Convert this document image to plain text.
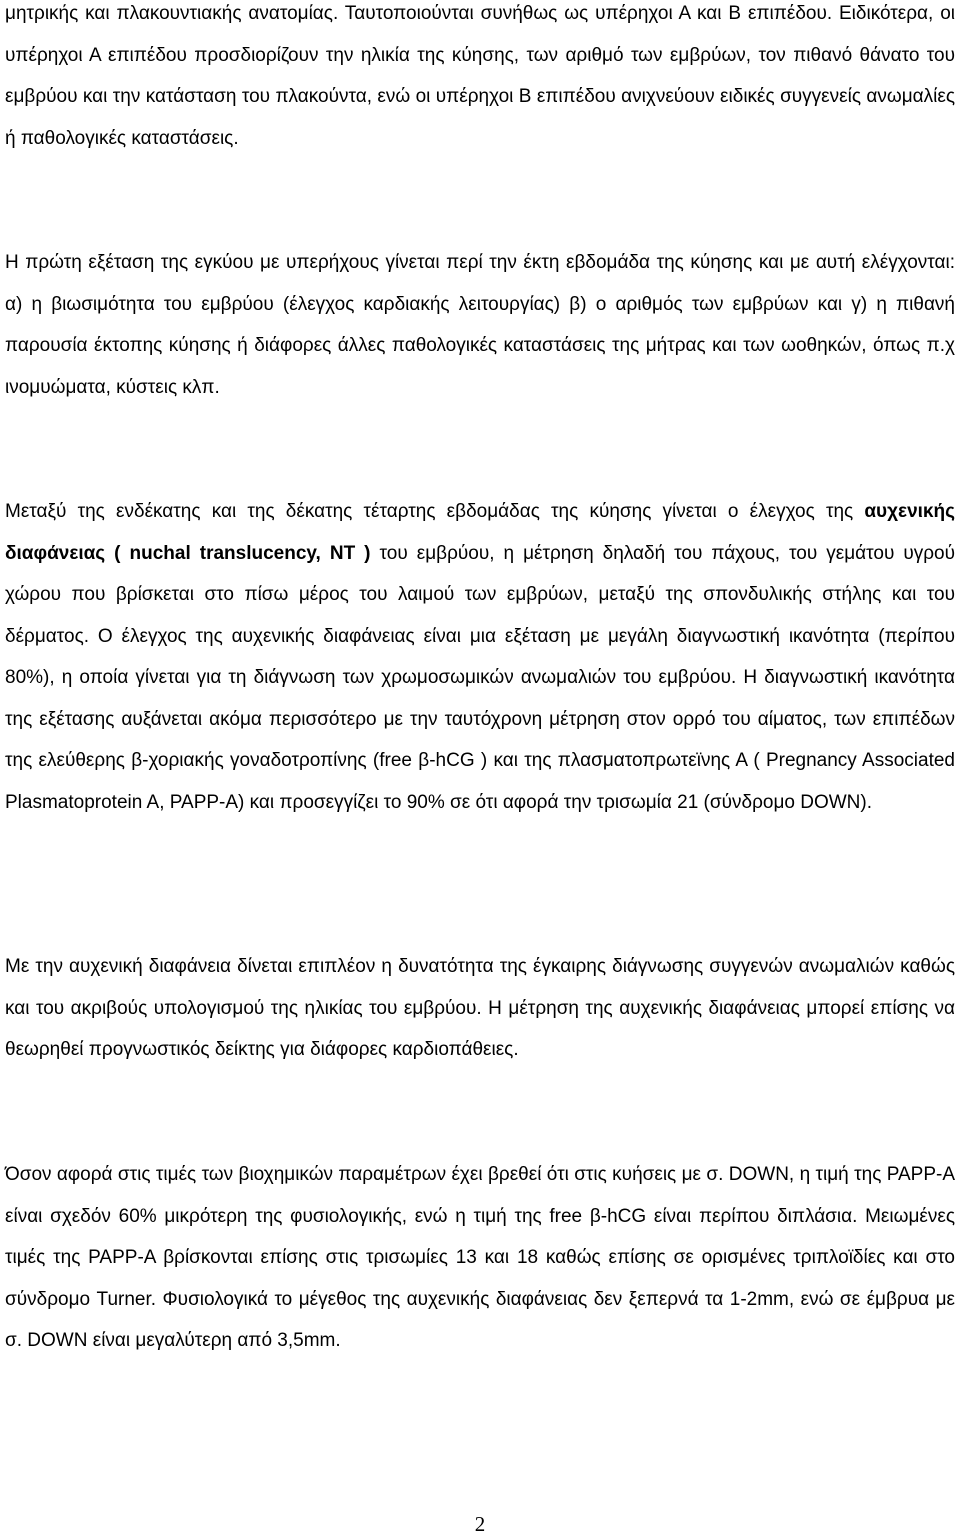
μητρικής και πλακουντιακής ανατομίας. Ταυτοποιούνται συνήθως ως υπέρηχοι Α και Β επιπέδου. Ειδικότερα, οι υπέρηχοι Α επιπέδου προσδιορίζουν την ηλικία της κύησης, των αριθμό των εμβρύων, τον πιθανό θάνατο του εμβρύου και την κατάσταση του πλακούντα, ενώ οι υπέρηχοι Β επιπέδου ανιχνεύουν ειδικές συγγενείς ανωμαλίες ή παθολογικές καταστάσεις.

Η πρώτη εξέταση της εγκύου με υπερήχους γίνεται περί την έκτη εβδομάδα της κύησης και με αυτή ελέγχονται: α) η βιωσιμότητα του εμβρύου (έλεγχος καρδιακής λειτουργίας) β) ο αριθμός των εμβρύων και γ) η πιθανή παρουσία έκτοπης κύησης ή διάφορες άλλες παθολογικές καταστάσεις της μήτρας και των ωοθηκών, όπως π.χ ινομυώματα, κύστεις κλπ.

Μεταξύ της ενδέκατης και της δέκατης τέταρτης εβδομάδας της κύησης γίνεται ο έλεγχος της αυχενικής διαφάνειας ( nuchal translucency, NT ) του εμβρύου, η μέτρηση δηλαδή του πάχους, του γεμάτου υγρού χώρου που βρίσκεται στο πίσω μέρος του λαιμού των εμβρύων, μεταξύ της σπονδυλικής στήλης και του δέρματος. Ο έλεγχος της αυχενικής διαφάνειας είναι μια εξέταση με μεγάλη διαγνωστική ικανότητα (περίπου 80%), η οποία γίνεται για τη διάγνωση των χρωμοσωμικών ανωμαλιών του εμβρύου. Η διαγνωστική ικανότητα της εξέτασης αυξάνεται ακόμα περισσότερο με την ταυτόχρονη μέτρηση στον ορρό του αίματος, των επιπέδων της ελεύθερης β-χοριακής γοναδοτροπίνης (free β-hCG ) και της πλασματοπρωτεϊνης Α ( Pregnancy Associated Plasmatoprotein A, PAPP-A) και προσεγγίζει το 90% σε ότι αφορά την τρισωμία 21 (σύνδρομο DOWN).

Με την αυχενική διαφάνεια δίνεται επιπλέον η δυνατότητα της έγκαιρης διάγνωσης συγγενών ανωμαλιών καθώς και του ακριβούς υπολογισμού της ηλικίας του εμβρύου. Η μέτρηση της αυχενικής διαφάνειας μπορεί επίσης να θεωρηθεί προγνωστικός δείκτης για διάφορες καρδιοπάθειες.

Όσον αφορά στις τιμές των βιοχημικών παραμέτρων έχει βρεθεί ότι στις κυήσεις με σ. DOWN, η τιμή της PAPP-A είναι σχεδόν 60% μικρότερη της φυσιολογικής, ενώ η τιμή της free β-hCG είναι περίπου διπλάσια. Μειωμένες τιμές της PAPP-A βρίσκονται επίσης στις τρισωμίες 13 και 18 καθώς επίσης σε ορισμένες τριπλοϊδίες και στο σύνδρομο Turner. Φυσιολογικά το μέγεθος της αυχενικής διαφάνειας δεν ξεπερνά τα 1-2mm, ενώ σε έμβρυα με σ. DOWN είναι μεγαλύτερη από 3,5mm.

2
